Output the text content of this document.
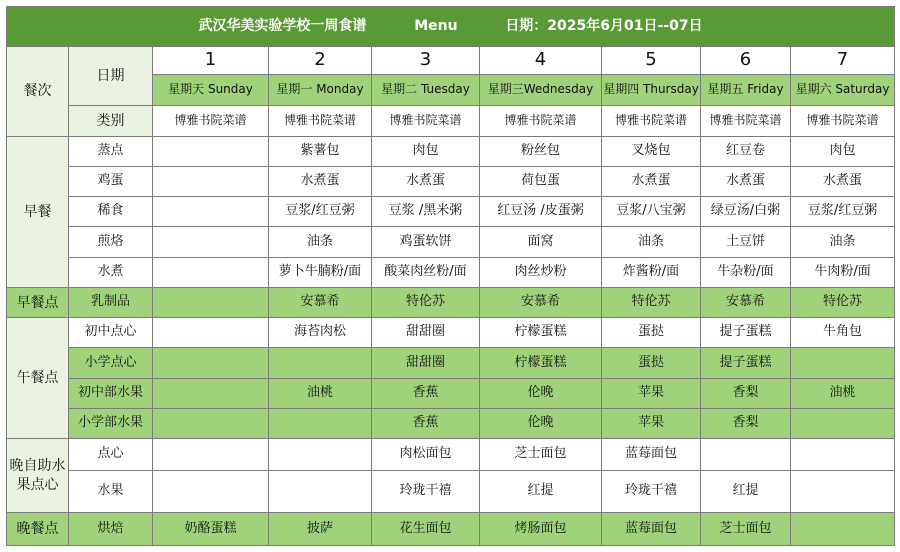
武汉华美实验学校一周食谱 Menu 日期：2025年6月01日--07日								
餐次	日期	1	2	3	4	5	6	7
		星期天 Sunday	星期一 Monday	星期二 Tuesday	星期三Wednesday	星期四 Thursday	星期五 Friday	星期六 Saturday
	类别	博雅书院菜谱	博雅书院菜谱	博雅书院菜谱	博雅书院菜谱	博雅书院菜谱	博雅书院菜谱	博雅书院菜谱
早餐	蒸点		紫薯包	肉包	粉丝包	叉烧包	红豆卷	肉包
	鸡蛋		水煮蛋	水煮蛋	荷包蛋	水煮蛋	水煮蛋	水煮蛋
	稀食		豆浆/红豆粥	豆浆 /黑米粥	红豆汤 /皮蛋粥	豆浆/八宝粥	绿豆汤/白粥	豆浆/红豆粥
	煎烙		油条	鸡蛋软饼	面窝	油条	土豆饼	油条
	水煮		萝卜牛腩粉/面	酸菜肉丝粉/面	肉丝炒粉	炸酱粉/面	牛杂粉/面	牛肉粉/面
早餐点	乳制品		安慕希	特伦苏	安慕希	特伦苏	安慕希	特伦苏
午餐点	初中点心		海苔肉松	甜甜圈	柠檬蛋糕	蛋挞	提子蛋糕	牛角包
	小学点心			甜甜圈	柠檬蛋糕	蛋挞	提子蛋糕	
	初中部水果		油桃	香蕉	伦晚	苹果	香梨	油桃
	小学部水果			香蕉	伦晚	苹果	香梨	
晚自助水果点心	点心			肉松面包	芝士面包	蓝莓面包		
	水果			玲珑干禧	红提	玲珑干禧	红提	
晚餐点	烘焙	奶酪蛋糕	披萨	花生面包	烤肠面包	蓝莓面包	芝士面包	
